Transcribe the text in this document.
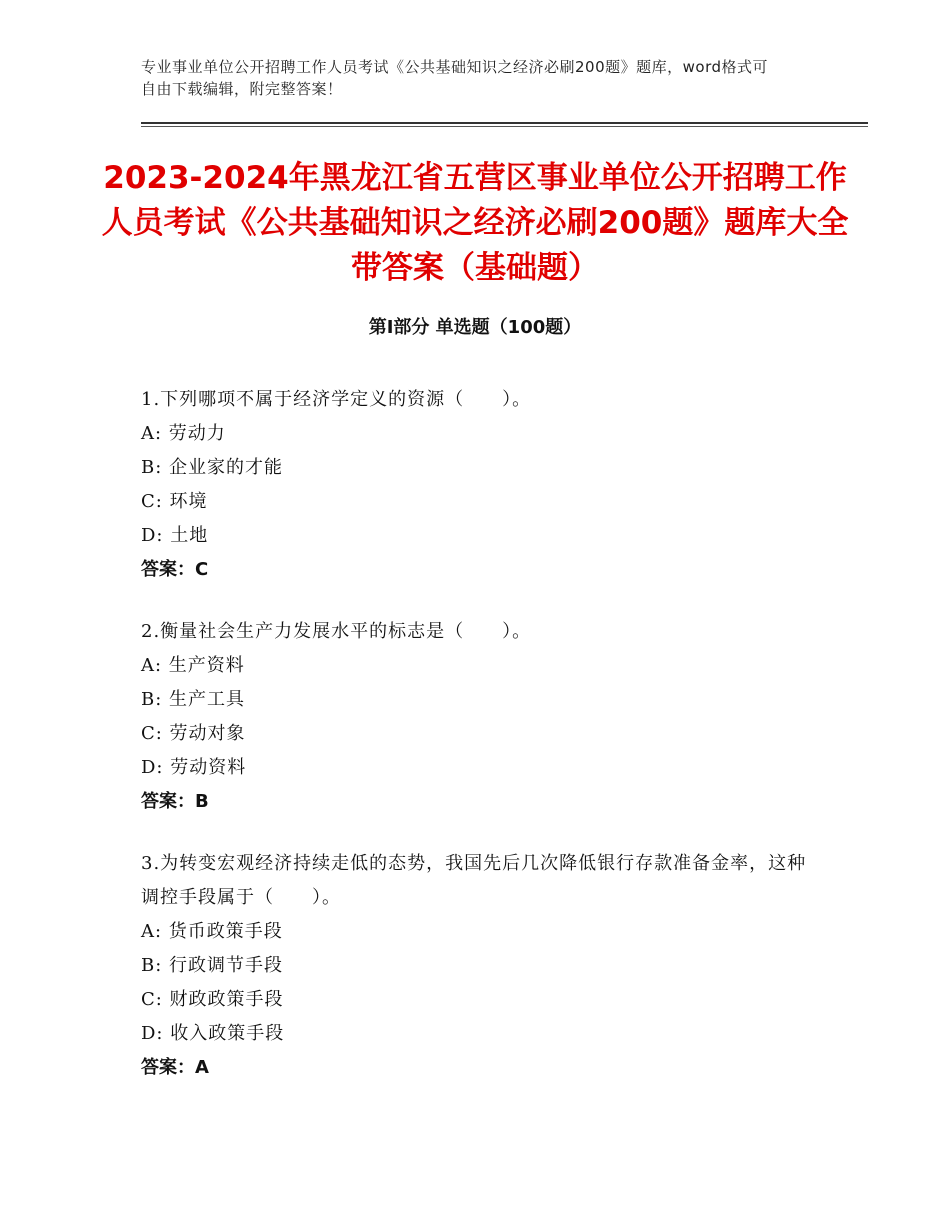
专业事业单位公开招聘工作人员考试《公共基础知识之经济必刷200题》题库，word格式可自由下载编辑，附完整答案！
2023-2024年黑龙江省五营区事业单位公开招聘工作人员考试《公共基础知识之经济必刷200题》题库大全带答案（基础题）
第Ⅰ部分 单选题（100题）
1.下列哪项不属于经济学定义的资源（　　）。
A: 劳动力
B: 企业家的才能
C: 环境
D: 土地
答案：C
2.衡量社会生产力发展水平的标志是（　　）。
A: 生产资料
B: 生产工具
C: 劳动对象
D: 劳动资料
答案：B
3.为转变宏观经济持续走低的态势，我国先后几次降低银行存款准备金率，这种调控手段属于（　　）。
A: 货币政策手段
B: 行政调节手段
C: 财政政策手段
D: 收入政策手段
答案：A
